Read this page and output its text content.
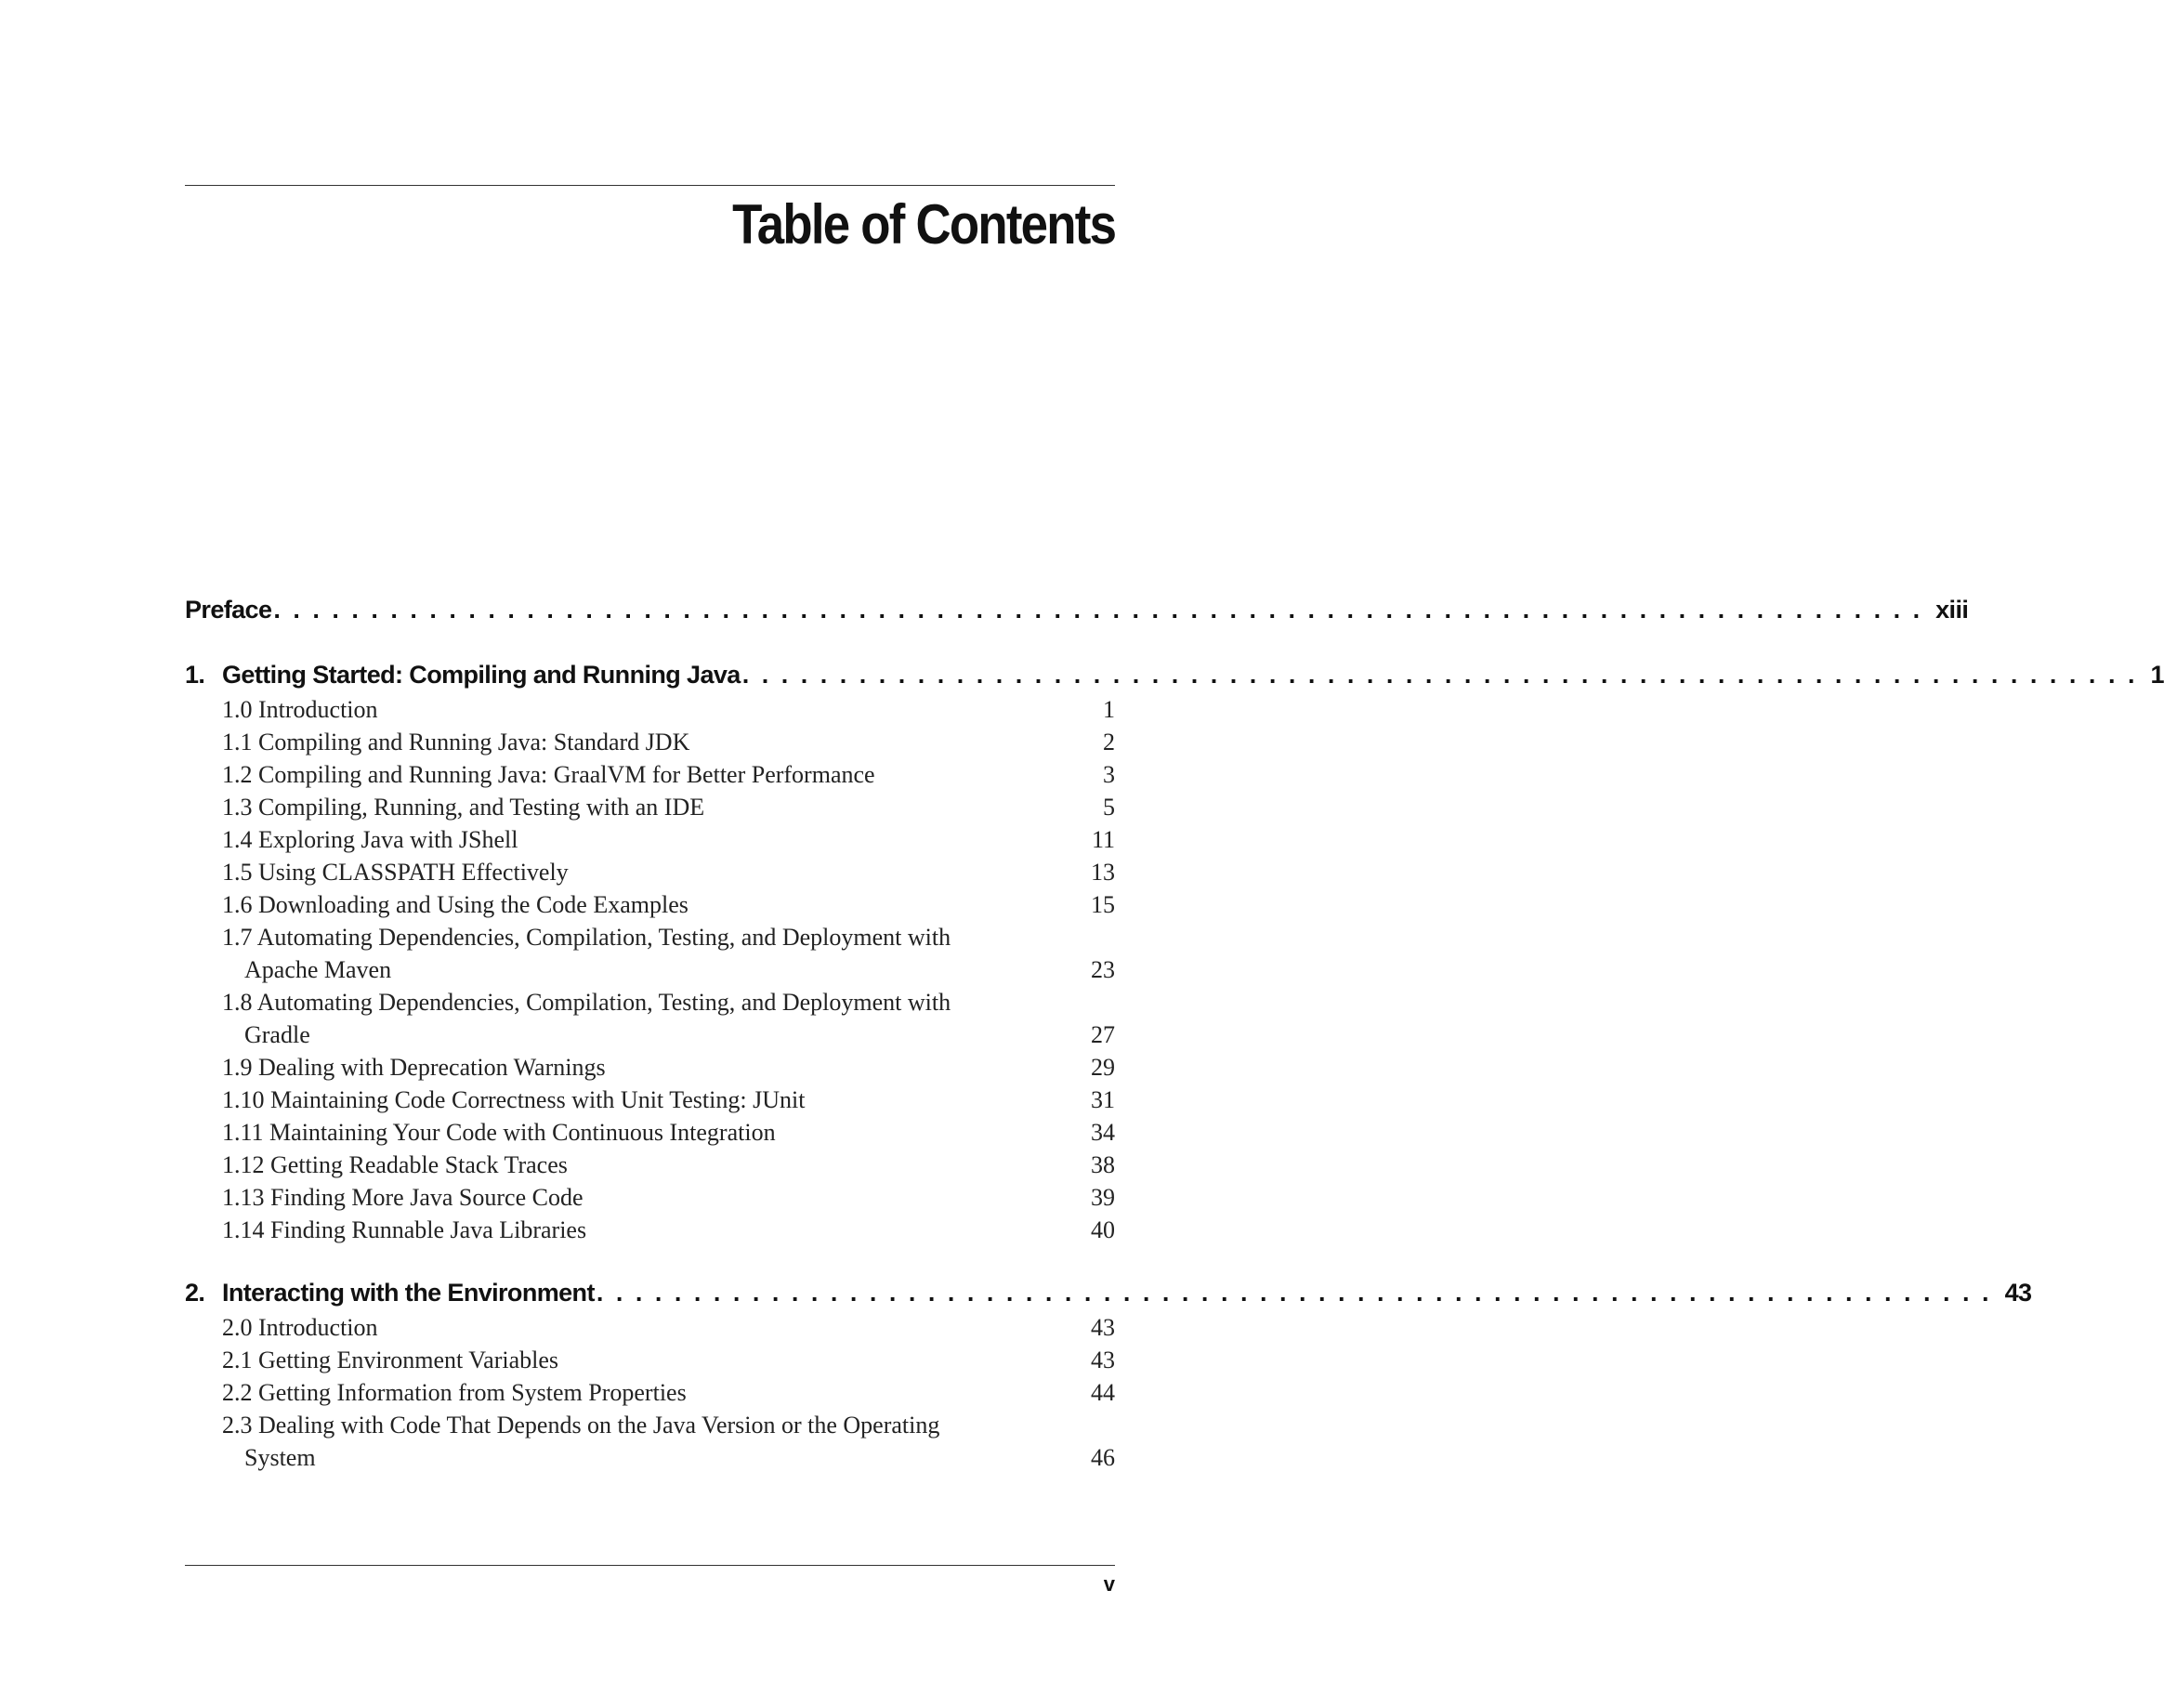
Table of Contents
Preface . . . . . . . . . . . . . . . . . . . . . . . . . . . . . . . . . . . . . . . . . . . . . . . . . . . . . . . . . . . . . . . . . . . . . . . . . . . . . . . . . . . . . xiii
1. Getting Started: Compiling and Running Java . . . . . . . . . . . . . . . . . . . . . . . . . . . . . . . . . . . . . . . . . . . . . . . . . . . . . . . . . . . . . . . . . . . . . . . . 1
1.0 Introduction	1
1.1 Compiling and Running Java: Standard JDK	2
1.2 Compiling and Running Java: GraalVM for Better Performance	3
1.3 Compiling, Running, and Testing with an IDE	5
1.4 Exploring Java with JShell	11
1.5 Using CLASSPATH Effectively	13
1.6 Downloading and Using the Code Examples	15
1.7 Automating Dependencies, Compilation, Testing, and Deployment with
Apache Maven	23
1.8 Automating Dependencies, Compilation, Testing, and Deployment with
Gradle	27
1.9 Dealing with Deprecation Warnings	29
1.10 Maintaining Code Correctness with Unit Testing: JUnit	31
1.11 Maintaining Your Code with Continuous Integration	34
1.12 Getting Readable Stack Traces	38
1.13 Finding More Java Source Code	39
1.14 Finding Runnable Java Libraries	40
2. Interacting with the Environment . . . . . . . . . . . . . . . . . . . . . . . . . . . . . . . . . . . . . . . . . . . . . . . . . . . . . . . . . . . . . . . . . . . . . . . . 43
2.0 Introduction	43
2.1 Getting Environment Variables	43
2.2 Getting Information from System Properties	44
2.3 Dealing with Code That Depends on the Java Version or the Operating
System	46
v
